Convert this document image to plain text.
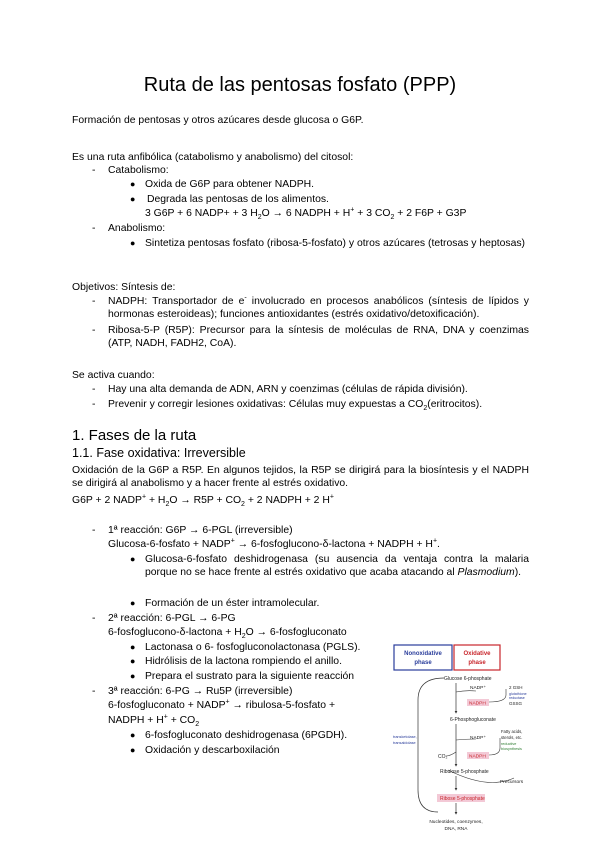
Ruta de las pentosas fosfato (PPP)
Formación de pentosas y otros azúcares desde glucosa o G6P.
Es una ruta anfibólica (catabolismo y anabolismo) del citosol:
- Catabolismo:
● Oxida de G6P para obtener NADPH.
● Degrada las pentosas de los alimentos.
3 G6P + 6 NADP+ + 3 $H_2O \to 6$ NADPH + H+ + 3 $CO_2 + 2$ F6P + G3P
- Anabolismo:
● Sintetiza pentosas fosfato (ribosa-5-fosfato) y otros azúcares (tetrosas y heptosas)
Objetivos: Síntesis de:
- NADPH: Transportador de e- involucrado en procesos anabólicos (síntesis de lípidos y hormonas esteroideas); funciones antioxidantes (estrés oxidativo/detoxificación).
- Ribosa-5-P (R5P): Precursor para la síntesis de moléculas de RNA, DNA y coenzimas (ATP, NADH, FADH2, CoA).
Se activa cuando:
- Hay una alta demanda de ADN, ARN y coenzimas (células de rápida división).
- Prevenir y corregir lesiones oxidativas: Células muy expuestas a $CO_2(eritrocitos)$.
1. Fases de la ruta
1.1. Fase oxidativa: Irreversible
Oxidación de la G6P a R5P. En algunos tejidos, la R5P se dirigirá para la biosíntesis y el NADPH se dirigirá al anabolismo y a hacer frente al estrés oxidativo.
G6P + 2 NADP+ + $H_2O \to R5P + CO_2 + 2$ NADPH + 2 H+
- 1ª reacción: G6P → 6-PGL (irreversible)
Glucosa-6-fosfato + NADP+ → 6-fosfoglucono-δ-lactona + NADPH + H+.
● Glucosa-6-fosfato deshidrogenasa (su ausencia da ventaja contra la malaria porque no se hace frente al estrés oxidativo que acaba atacando al Plasmodium).
● Formación de un éster intramolecular.
- 2ª reacción: 6-PGL → 6-PG
6-fosfoglucono-δ-lactona + $H_2O$ → 6-fosfogluconato
● Lactonasa o 6- fosfogluconolactonasa (PGLS).
● Hidrólisis de la lactona rompiendo el anillo.
● Prepara el sustrato para la siguiente reacción
- 3ª reacción: 6-PG → Ru5P (irreversible)
6-fosfogluconato + NADP+ → ribulosa-5-fosfato +
NADPH + $H^+ + CO_2$
● 6-fosfogluconato deshidrogenasa (6PGDH).
● Oxidación y descarboxilación
Nonoxidative
phase
Oxidative
phase
Glucose 6-phosphate
NADP⁺
NADPH
2 GSH
glutathione
reductase
GSSG
6-Phosphogluconate
transketolase,
transaldolase
NADP⁺
NADPH
CO₂
Fatty acids,
sterols, etc.
reductive
biosynthesis
Precursors
Ribulose 5-phosphate
Ribose 5-phosphate
Nucleotides, coenzymes,
DNA, RNA
